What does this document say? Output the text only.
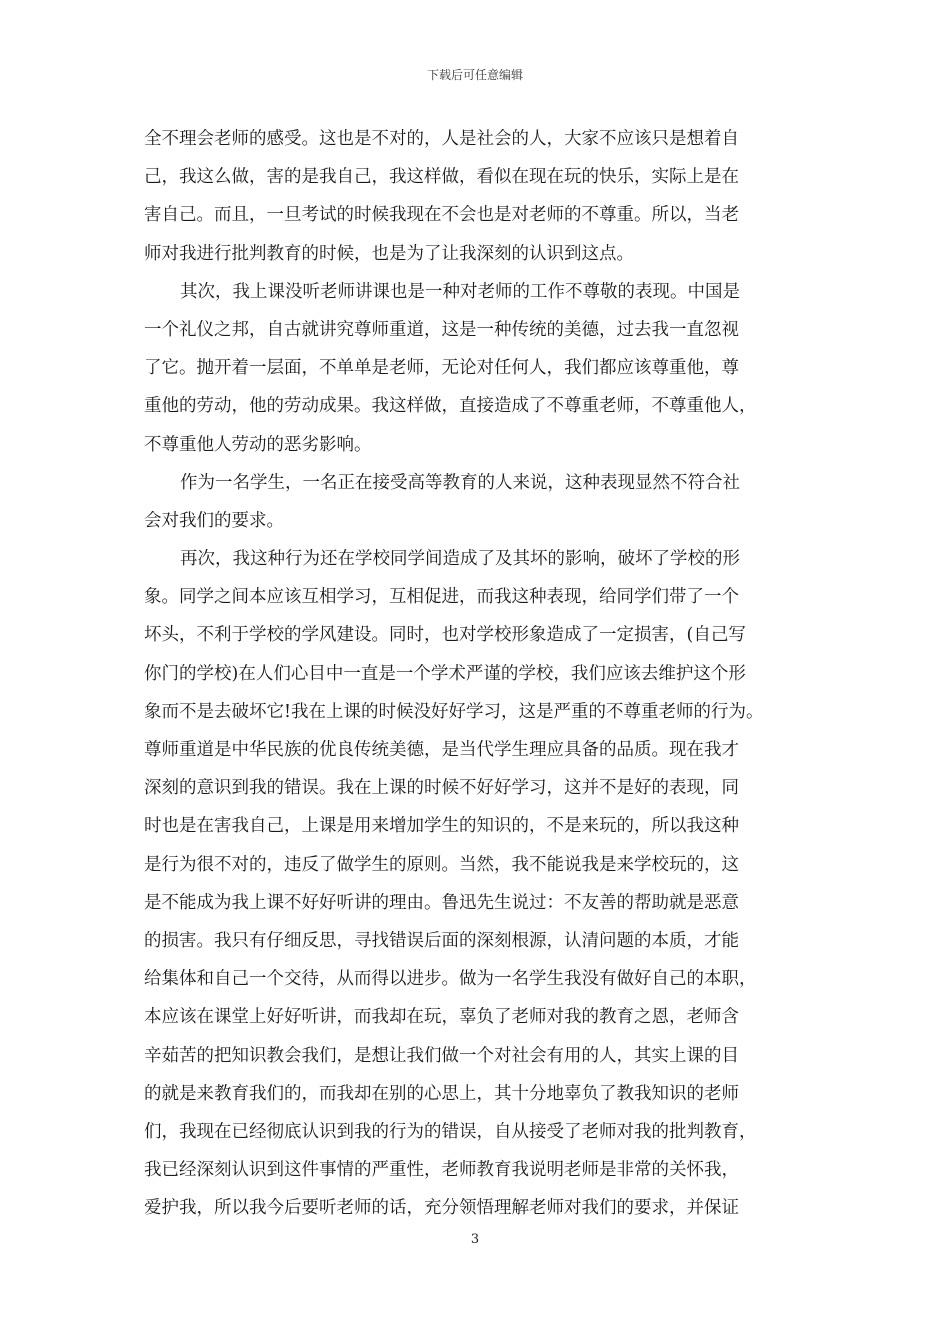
下载后可任意编辑
全不理会老师的感受。这也是不对的，人是社会的人，大家不应该只是想着自
己，我这么做，害的是我自己，我这样做，看似在现在玩的快乐，实际上是在
害自己。而且，一旦考试的时候我现在不会也是对老师的不尊重。所以，当老
师对我进行批判教育的时候，也是为了让我深刻的认识到这点。
其次，我上课没听老师讲课也是一种对老师的工作不尊敬的表现。中国是
一个礼仪之邦，自古就讲究尊师重道，这是一种传统的美德，过去我一直忽视
了它。抛开着一层面，不单单是老师，无论对任何人，我们都应该尊重他，尊
重他的劳动，他的劳动成果。我这样做，直接造成了不尊重老师，不尊重他人，
不尊重他人劳动的恶劣影响。
作为一名学生，一名正在接受高等教育的人来说，这种表现显然不符合社
会对我们的要求。
再次，我这种行为还在学校同学间造成了及其坏的影响，破坏了学校的形
象。同学之间本应该互相学习，互相促进，而我这种表现，给同学们带了一个
坏头，不利于学校的学风建设。同时，也对学校形象造成了一定损害，(自己写
你门的学校)在人们心目中一直是一个学术严谨的学校，我们应该去维护这个形
象而不是去破坏它!我在上课的时候没好好学习，这是严重的不尊重老师的行为。
尊师重道是中华民族的优良传统美德，是当代学生理应具备的品质。现在我才
深刻的意识到我的错误。我在上课的时候不好好学习，这并不是好的表现，同
时也是在害我自己，上课是用来增加学生的知识的，不是来玩的，所以我这种
是行为很不对的，违反了做学生的原则。当然，我不能说我是来学校玩的，这
是不能成为我上课不好好听讲的理由。鲁迅先生说过：不友善的帮助就是恶意
的损害。我只有仔细反思，寻找错误后面的深刻根源，认清问题的本质，才能
给集体和自己一个交待，从而得以进步。做为一名学生我没有做好自己的本职，
本应该在课堂上好好听讲，而我却在玩，辜负了老师对我的教育之恩，老师含
辛茹苦的把知识教会我们，是想让我们做一个对社会有用的人，其实上课的目
的就是来教育我们的，而我却在别的心思上，其十分地辜负了教我知识的老师
们，我现在已经彻底认识到我的行为的错误，自从接受了老师对我的批判教育，
我已经深刻认识到这件事情的严重性，老师教育我说明老师是非常的关怀我，
爱护我，所以我今后要听老师的话，充分领悟理解老师对我们的要求，并保证
3
